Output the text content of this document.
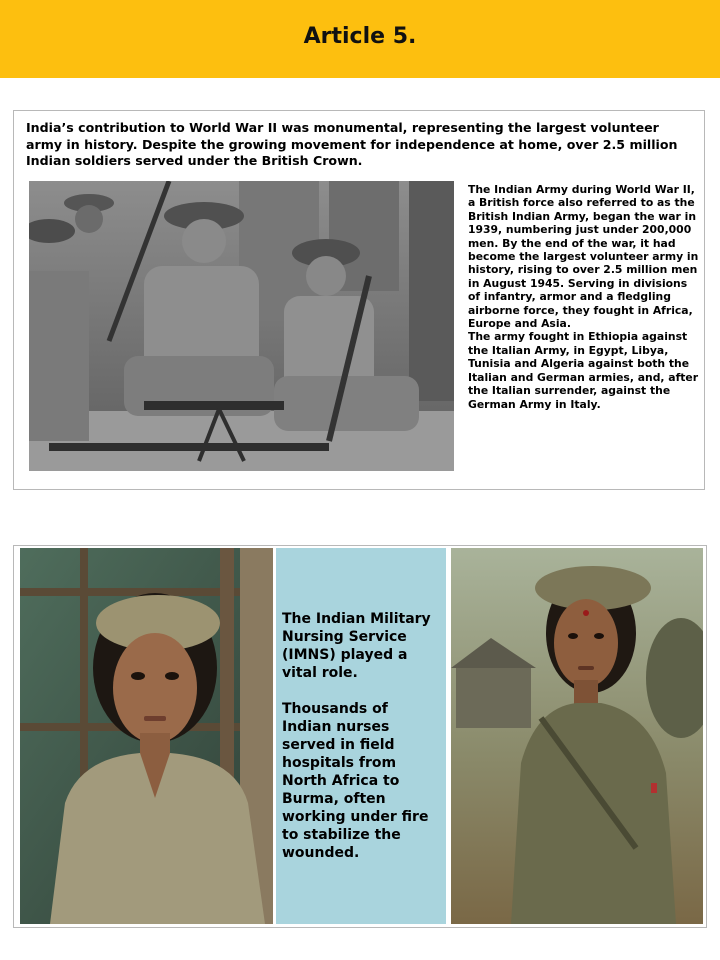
Article 5.
India’s contribution to World War II was monumental, representing the largest volunteer army in history. Despite the growing movement for independence at home, over 2.5 million Indian soldiers served under the British Crown.

The Indian Army during World War II, a British force also referred to as the British Indian Army, began the war in 1939, numbering just under 200,000 men. By the end of the war, it had become the largest volunteer army in history, rising to over 2.5 million men in August 1945. Serving in divisions of infantry, armor and a fledgling airborne force, they fought in Africa, Europe and Asia.

The army fought in Ethiopia against the Italian Army, in Egypt, Libya, Tunisia and Algeria against both the Italian and German armies, and, after the Italian surrender, against the German Army in Italy.

The Indian Military Nursing Service (IMNS) played a vital role.

Thousands of Indian nurses served in field hospitals from North Africa to Burma, often working under fire to stabilize the wounded.
